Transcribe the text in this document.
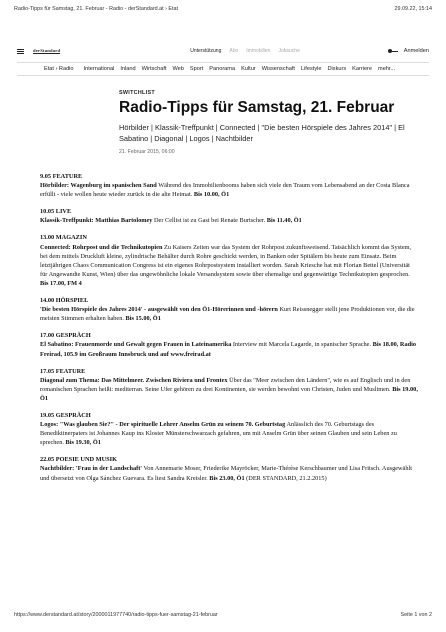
Radio-Tipps für Samstag, 21. Februar - Radio - derStandard.at › Etat	29.09.22, 15:14
derStandard	Unterstützung Abo Immobilien Jobsuche	Anmelden
Etat › Radio International Inland Wirtschaft Web Sport Panorama Kultur Wissenschaft Lifestyle Diskurs Karriere mehr...
SWITCHLIST
Radio-Tipps für Samstag, 21. Februar
Hörbilder | Klassik-Treffpunkt | Connected | "Die besten Hörspiele des Jahres 2014" | El Sabatino | Diagonal | Logos | Nachtbilder
21. Februar 2015, 06:00
9.05 FEATURE
Hörbilder: Wagenburg im spanischen Sand Während des Immobilienbooms haben sich viele den Traum vom Lebensabend an der Costa Blanca erfüllt - viele wollen heute wieder zurück in die alte Heimat. Bis 10.00, Ö1
10.05 LIVE
Klassik-Treffpunkt: Matthias Bartolomey Der Cellist ist zu Gast bei Renate Burtscher. Bis 11.40, Ö1
13.00 MAGAZIN
Connected: Rohrpost und die Technikutopien Zu Kaisers Zeiten war das System der Rohrpost zukunftsweisend. Tatsächlich kommt das System, bei dem mittels Druckluft kleine, zylindrische Behälter durch Rohre geschickt werden, in Banken oder Spitälern bis heute zum Einsatz. Beim letztjährigen Chaos Communication Congress ist ein eigenes Rohrpostsystem installiert worden. Sarah Kriesche hat mit Florian Bettel (Universität für Angewandte Kunst, Wien) über das ungewöhnliche lokale Versandsystem sowie über ehemalige und gegenwärtige Technikutopien gesprochen. Bis 17.00, FM 4
14.00 HÖRSPIEL
'Die besten Hörspiele des Jahres 2014' - ausgewählt von den Ö1-Hörerinnen und -hörern Kurt Reissnegger stellt jene Produktionen vor, die die meisten Stimmen erhalten haben. Bis 15.00, Ö1
17.00 GESPRÄCH
El Sabatino: Frauenmorde und Gewalt gegen Frauen in Lateinamerika Interview mit Marcela Lagarde, in spanischer Sprache. Bis 18.00, Radio Freirad, 105.9 im Großraum Innsbruck und auf www.freirad.at
17.05 FEATURE
Diagonal zum Thema: Das Mittelmeer. Zwischen Riviera und Frontex Über das "Meer zwischen den Ländern", wie es auf Englisch und in den romanischen Sprachen heißt: mediterran. Seine Ufer gehören zu drei Kontinenten, sie werden bewohnt von Christen, Juden und Muslimen. Bis 19.00, Ö1
19.05 GESPRÄCH
Logos: "Was glauben Sie?" - Der spirituelle Lehrer Anselm Grün zu seinem 70. Geburtstag Anlässlich des 70. Geburtstags des Benediktinerpaters ist Johannes Kaup ins Kloster Münsterschwarzach gefahren, um mit Anselm Grün über seinen Glauben und sein Leben zu sprechen. Bis 19.30, Ö1
22.05 POESIE UND MUSIK
Nachtbilder: 'Frau in der Landschaft' Von Annemarie Moser, Friederike Mayröcker, Marie-Thérèse Kerschbaumer und Lisa Fritsch. Ausgewählt und übersetzt von Olga Sánchez Guevara. Es liest Sandra Kreisler. Bis 23.00, Ö1 (DER STANDARD, 21.2.2015)
https://www.derstandard.at/story/2000011977740/radio-tipps-fuer-samstag-21-februar	Seite 1 von 2
